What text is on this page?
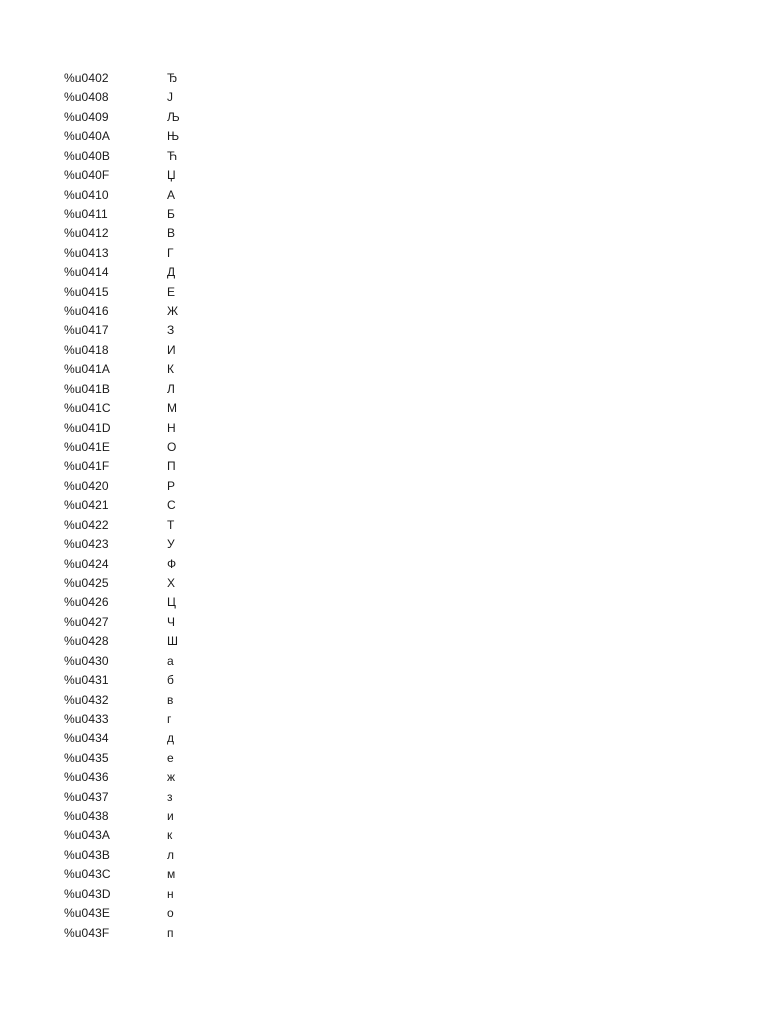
%u0402	Ђ
%u0408	Ј
%u0409	Љ
%u040A	Њ
%u040B	Ћ
%u040F	Џ
%u0410	А
%u0411	Б
%u0412	В
%u0413	Г
%u0414	Д
%u0415	Е
%u0416	Ж
%u0417	З
%u0418	И
%u041A	К
%u041B	Л
%u041C	М
%u041D	Н
%u041E	О
%u041F	П
%u0420	Р
%u0421	С
%u0422	Т
%u0423	У
%u0424	Ф
%u0425	Х
%u0426	Ц
%u0427	Ч
%u0428	Ш
%u0430	а
%u0431	б
%u0432	в
%u0433	г
%u0434	д
%u0435	е
%u0436	ж
%u0437	з
%u0438	и
%u043A	к
%u043B	л
%u043C	м
%u043D	н
%u043E	о
%u043F	п
